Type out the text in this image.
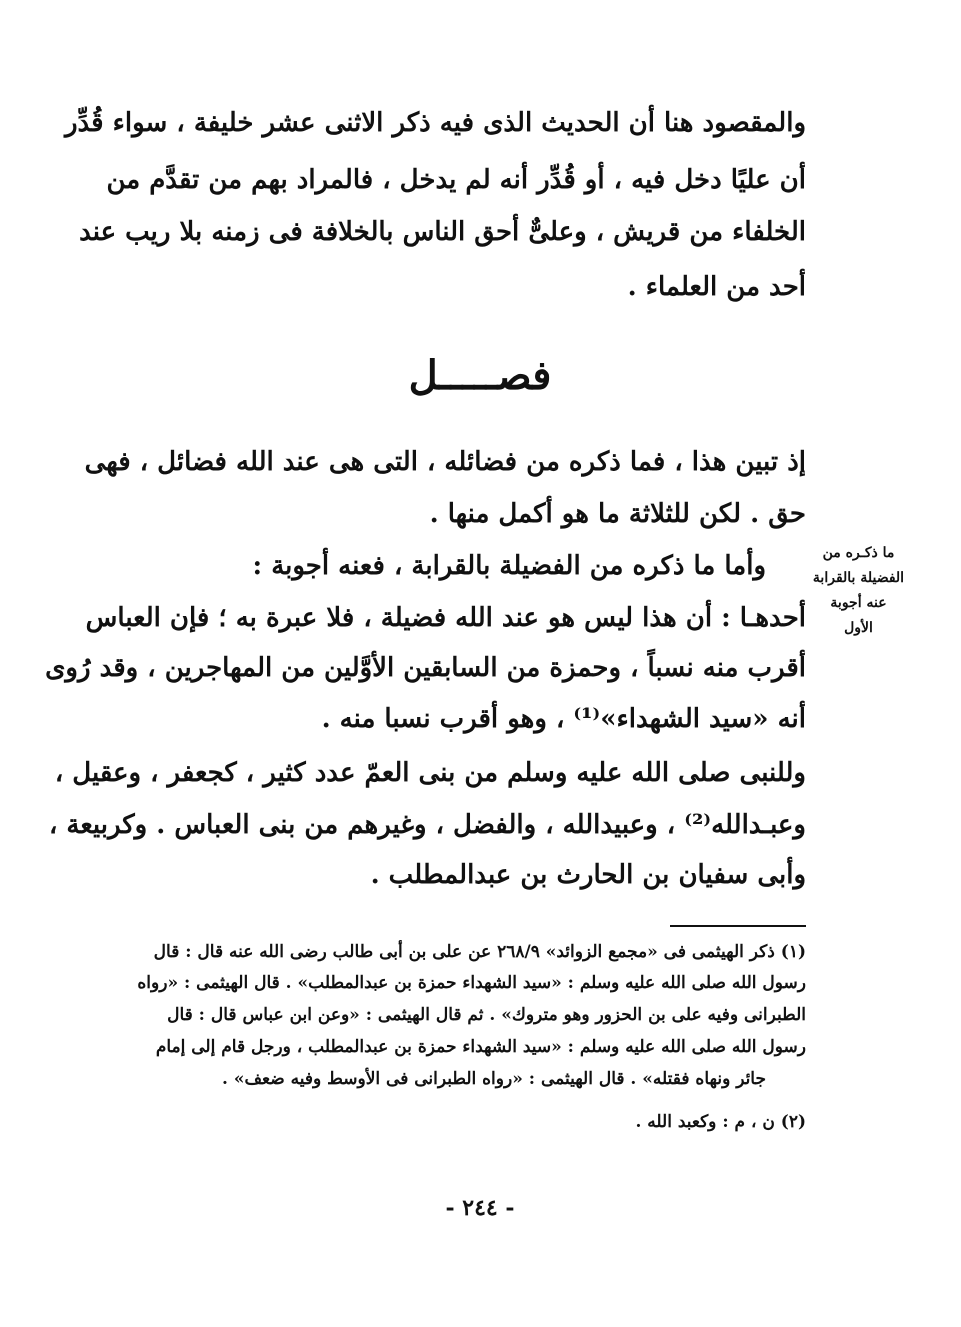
والمقصود هنا أن الحديث الذى فيه ذكر الاثنى عشر خليفة ، سواء قُدِّر
أن عليًا دخل فيه ، أو قُدِّر أنه لم يدخل ، فالمراد بهم من تقدَّم من
الخلفاء من قريش ، وعلىٌّ أحق الناس بالخلافة فى زمنه بلا ريب عند
أحد من العلماء .
فصـــــل
إذ تبين هذا ، فما ذكره من فضائله ، التى هى عند الله فضائل ، فهى
حق . لكن للثلاثة ما هو أكمل منها .
وأما ما ذكره من الفضيلة بالقرابة ، فعنه أجوبة :
أحدهـا : أن هذا ليس هو عند الله فضيلة ، فلا عبرة به ؛ فإن العباس
أقرب منه نسباً ، وحمزة من السابقين الأوَّلين من المهاجرين ، وقد رُوى
أنه «سيد الشهداء»⁽¹⁾ ، وهو أقرب نسبا منه .
وللنبى صلى الله عليه وسلم من بنى العمّ عدد كثير ، كجعفر ، وعقيل ،
وعبـدالله⁽²⁾ ، وعبيدالله ، والفضل ، وغيرهم من بنى العباس . وكربيعة ،
وأبى سفيان بن الحارث بن عبدالمطلب .
ما ذكـره من
الفضيلة بالقرابة
عنه أجوبة
الأول
(١) ذكر الهيثمى فى «مجمع الزوائد» ٢٦٨/٩ عن على بن أبى طالب رضى الله عنه قال : قال
رسول الله صلى الله عليه وسلم : «سيد الشهداء حمزة بن عبدالمطلب» . قال الهيثمى : «رواه
الطبرانى وفيه على بن الحزور وهو متروك» . ثم قال الهيثمى : «وعن ابن عباس قال : قال
رسول الله صلى الله عليه وسلم : «سيد الشهداء حمزة بن عبدالمطلب ، ورجل قام إلى إمام
جائر ونهاه فقتله» . قال الهيثمى : «رواه الطبرانى فى الأوسط وفيه ضعف» .
(٢) ن ، م : وكعبد الله .
- ٢٤٤ -
